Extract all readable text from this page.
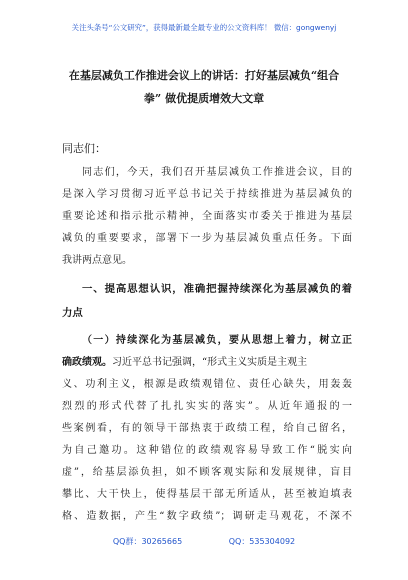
关注头条号“公文研究”，获得最新最全最专业的公文资料库！ 微信：gongwenyj
在基层减负工作推进会议上的讲话：打好基层减负“组合
拳” 做优提质增效大文章
同志们：
同志们，今天，我们召开基层减负工作推进会议，目的
是深入学习贯彻习近平总书记关于持续推进为基层减负的
重要论述和指示批示精神，全面落实市委关于推进为基层
减负的重要要求，部署下一步为基层减负重点任务。下面
我讲两点意见。
一、提高思想认识，准确把握持续深化为基层减负的着
力点
（一）持续深化为基层减负，要从思想上着力，树立正
确政绩观。习近平总书记强调，“形式主义实质是主观主
义、功利主义，根源是政绩观错位、责任心缺失，用轰轰
烈烈的形式代替了扎扎实实的落实”。从近年通报的一
些案例看，有的领导干部热衷于政绩工程，给自己留名，
为自己邀功。这种错位的政绩观容易导致工作“脱实向
虚”，给基层添负担，如不顾客观实际和发展规律，盲目
攀比、大干快上，使得基层干部无所适从，甚至被迫填表
格、造数据，产生“数字政绩”；调研走马观花，不深不
QQ群：30265665	QQ：535304092
